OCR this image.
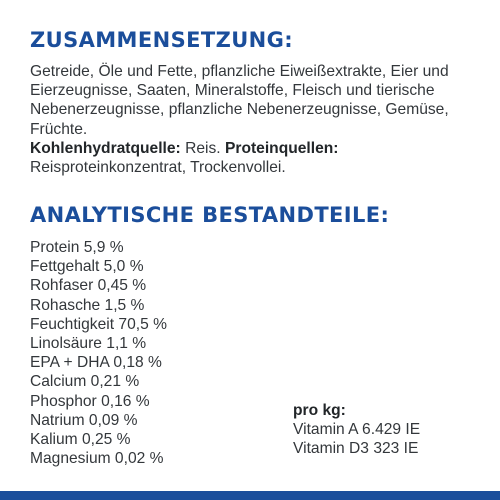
ZUSAMMENSETZUNG:

Getreide, Öle und Fette, pflanzliche Eiweißextrakte, Eier und Eierzeugnisse, Saaten, Mineralstoffe, Fleisch und tierische Nebenerzeugnisse, pflanzliche Nebenerzeugnisse, Gemüse, Früchte.
Kohlenhydratquelle: Reis. Proteinquellen:
Reisproteinkonzentrat, Trockenvollei.

ANALYTISCHE BESTANDTEILE:
Protein 5,9 %
Fettgehalt 5,0 %
Rohfaser 0,45 %
Rohasche 1,5 %
Feuchtigkeit 70,5 %
Linolsäure 1,1 %
EPA + DHA 0,18 %
Calcium 0,21 %
Phosphor 0,16 %
Natrium 0,09 %
Kalium 0,25 %
Magnesium 0,02 %
pro kg:
Vitamin A 6.429 IE
Vitamin D3 323 IE
